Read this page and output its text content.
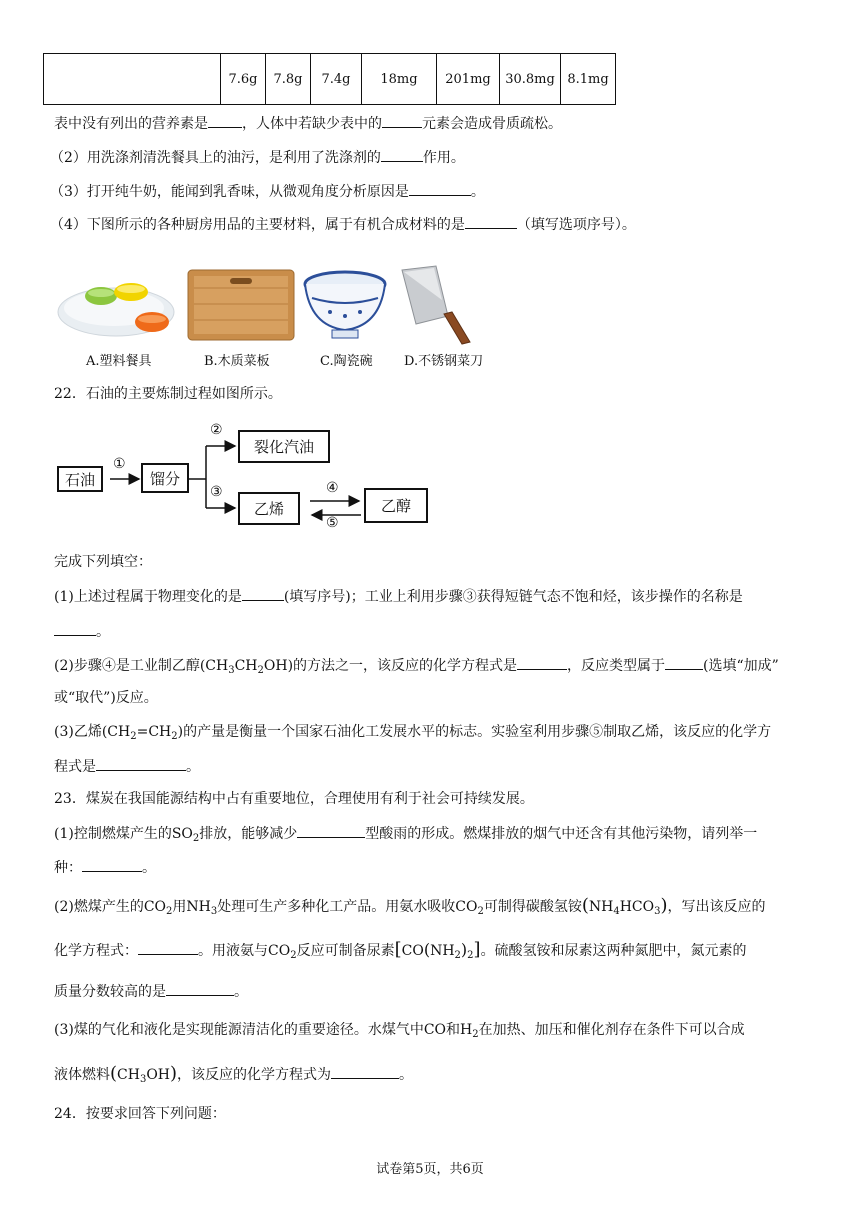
	7.6g	7.8g	7.4g	18mg	201mg	30.8mg	8.1mg
表中没有列出的营养素是 ，人体中若缺少表中的	元素会造成骨质疏松。
（2）用洗涤剂清洗餐具上的油污，是利用了洗涤剂的	作用。
（3）打开纯牛奶，能闻到乳香味，从微观角度分析原因是	。
（4）下图所示的各种厨房用品的主要材料，属于有机合成材料的是	（填写选项序号）。
A.塑料餐具	B.木质菜板	C.陶瓷碗 D.不锈钢菜刀
22．石油的主要炼制过程如图所示。
石油	馏分
裂化汽油
乙烯	乙醇
①
②
③	④
⑤
完成下列填空：
(1)上述过程属于物理变化的是	(填写序号)；工业上利用步骤③获得短链气态不饱和烃，该步操作的名称是
。
(2)步骤④是工业制乙醇$(CH_3CH_2OH)$的方法之一，该反应的化学方程式是	，反应类型属于	(选填“加成”
或“取代”)反应。
(3)乙烯$(CH_2=CH_2)$的产量是衡量一个国家石油化工发展水平的标志。实验室利用步骤⑤制取乙烯，该反应的化学方
程式是	。
23．煤炭在我国能源结构中占有重要地位，合理使用有利于社会可持续发展。
(1)控制燃煤产生的$SO_2$排放，能够减少	型酸雨的形成。燃煤排放的烟气中还含有其他污染物，请列举一
种：	。
(2)燃煤产生的$CO_2$用$NH_3$处理可生产多种化工产品。用氨水吸收$CO_2$可制得碳酸氢铵$(NH_4HCO_3)$，写出该反应的
化学方程式：	。用液氨与$CO_2$反应可制备尿素$[CO(NH_2)_2]$。硫酸氢铵和尿素这两种氮肥中，氮元素的
质量分数较高的是	。
(3)煤的气化和液化是实现能源清洁化的重要途径。水煤气中CO和$H_2$在加热、加压和催化剂存在条件下可以合成
液体燃料$(CH_3OH)$，该反应的化学方程式为	。
24．按要求回答下列问题：
试卷第5页，共6页
